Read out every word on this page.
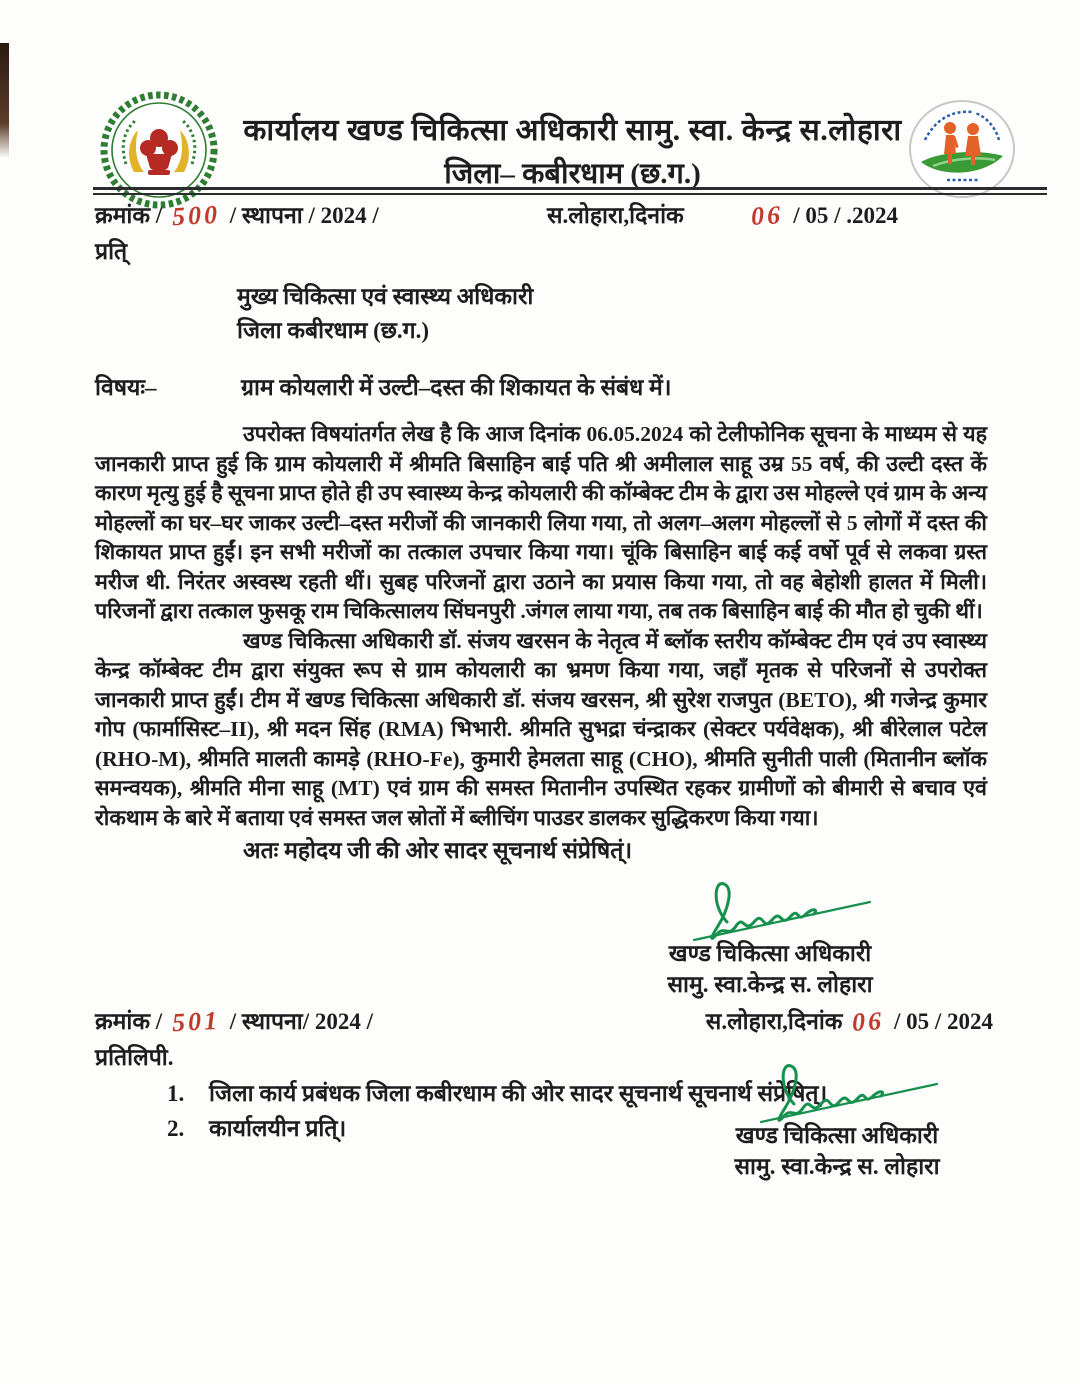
कार्यालय खण्ड चिकित्सा अधिकारी सामु. स्वा. केन्द्र स.लोहारा
जिला– कबीरधाम (छ.ग.)
क्रमांक / 500 / स्थापना / 2024 /	स.लोहारा,दिनांक	06 / 05 / .2024
प्रति्
मुख्य चिकित्सा एवं स्वास्थ्य अधिकारी
जिला कबीरधाम (छ.ग.)
विषयः–	ग्राम कोयलारी में उल्टी–दस्त की शिकायत के संबंध में।

उपरोक्त विषयांतर्गत लेख है कि आज दिनांक 06.05.2024 को टेलीफोनिक सूचना के माध्यम से यह जानकारी प्राप्त हुई कि ग्राम कोयलारी में श्रीमति बिसाहिन बाई पति श्री अमीलाल साहू उम्र 55 वर्ष, की उल्टी दस्त कें कारण मृत्यु हुई है सूचना प्राप्त होते ही उप स्वास्थ्य केन्द्र कोयलारी की कॉम्बेक्ट टीम के द्वारा उस मोहल्ले एवं ग्राम के अन्य मोहल्लों का घर–घर जाकर उल्टी–दस्त मरीजों की जानकारी लिया गया, तो अलग–अलग मोहल्लों से 5 लोगों में दस्त की शिकायत प्राप्त हुईं। इन सभी मरीजों का तत्काल उपचार किया गया। चूंकि बिसाहिन बाई कई वर्षो पूर्व से लकवा ग्रस्त मरीज थी. निरंतर अस्वस्थ रहती थीं। सुबह परिजनों द्वारा उठाने का प्रयास किया गया, तो वह बेहोशी हालत में मिली। परिजनों द्वारा तत्काल फुसकू राम चिकित्सालय सिंघनपुरी .जंगल लाया गया, तब तक बिसाहिन बाई की मौत हो चुकी थीं।

खण्ड चिकित्सा अधिकारी डॉ. संजय खरसन के नेतृत्व में ब्लॉक स्तरीय कॉम्बेक्ट टीम एवं उप स्वास्थ्य केन्द्र कॉम्बेक्ट टीम द्वारा संयुक्त रूप से ग्राम कोयलारी का भ्रमण किया गया, जहाँ मृतक से परिजनों से उपरोक्त जानकारी प्राप्त हुईं। टीम में खण्ड चिकित्सा अधिकारी डॉ. संजय खरसन, श्री सुरेश राजपुत (BETO), श्री गजेन्द्र कुमार गोप (फार्मासिस्ट–II), श्री मदन सिंह (RMA) भिभारी. श्रीमति सुभद्रा चंन्द्राकर (सेक्टर पर्यवेक्षक), श्री बीरेलाल पटेल (RHO-M), श्रीमति मालती कामड़े (RHO-Fe), कुमारी हेमलता साहू (CHO), श्रीमति सुनीती पाली (मितानीन ब्लॉक समन्वयक), श्रीमति मीना साहू (MT) एवं ग्राम की समस्त मितानीन उपस्थित रहकर ग्रामीणों को बीमारी से बचाव एवं रोकथाम के बारे में बताया एवं समस्त जल स्रोतों में ब्लीचिंग पाउडर डालकर सुद्धिकरण किया गया।

अतः महोदय जी की ओर सादर सूचनार्थ संप्रेषित्ं।
खण्ड चिकित्सा अधिकारी
सामु. स्वा.केन्द्र स. लोहारा
क्रमांक / 501 / स्थापना/ 2024 /	स.लोहारा,दिनांक 06 / 05 / 2024
प्रतिलिपी.
1.	जिला कार्य प्रबंधक जिला कबीरधाम की ओर सादर सूचनार्थ सूचनार्थ संप्रेषित्।
2.	कार्यालयीन प्रति्।	खण्ड चिकित्सा अधिकारी
सामु. स्वा.केन्द्र स. लोहारा
